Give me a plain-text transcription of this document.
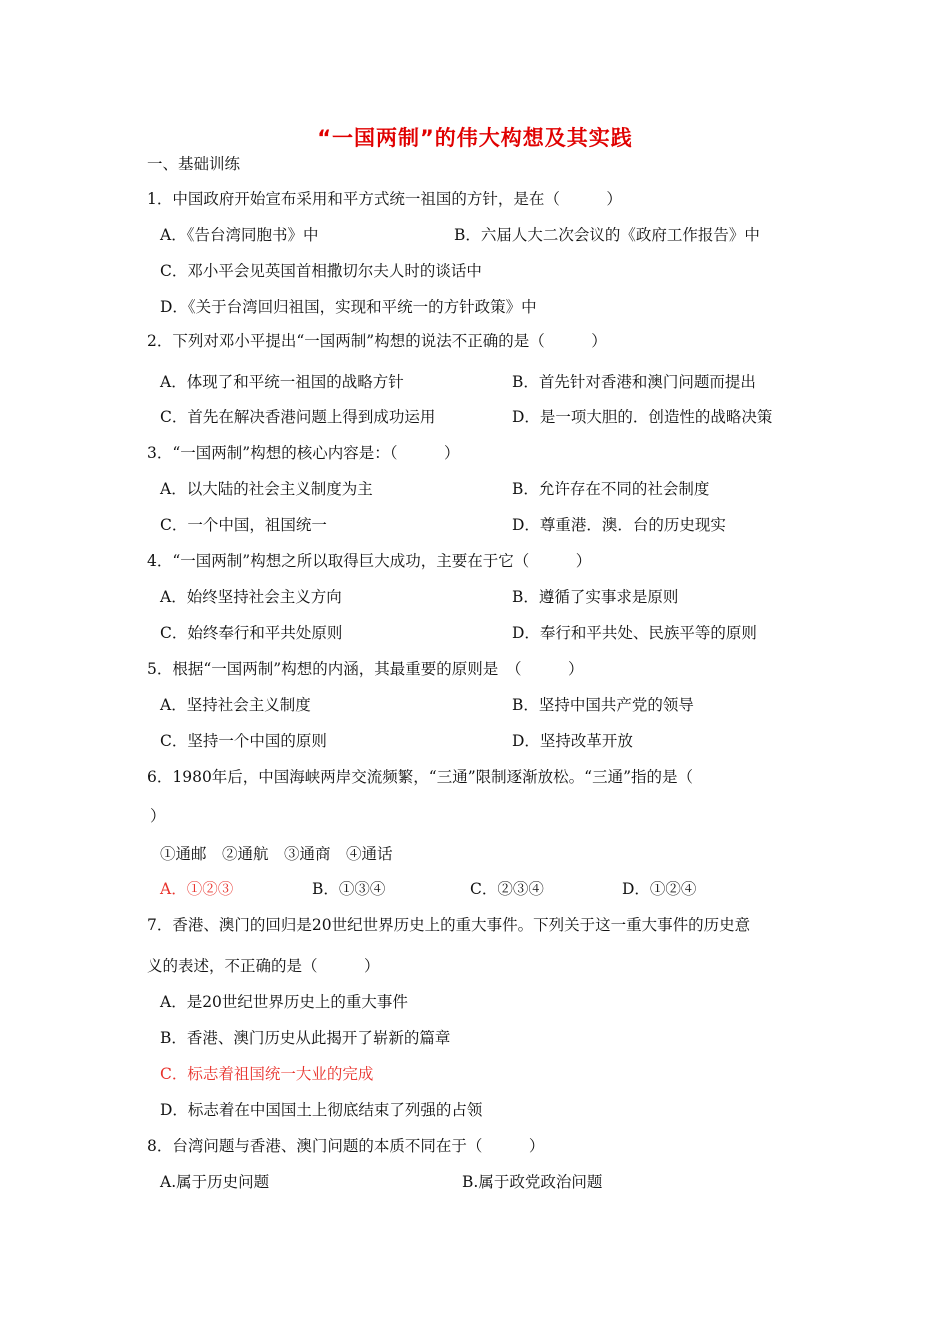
“一国两制”的伟大构想及其实践
一、基础训练
1．中国政府开始宣布采用和平方式统一祖国的方针，是在（　　　）
A．《告台湾同胞书》中	B．六届人大二次会议的《政府工作报告》中
C．邓小平会见英国首相撒切尔夫人时的谈话中
D．《关于台湾回归祖国，实现和平统一的方针政策》中
2．下列对邓小平提出“一国两制”构想的说法不正确的是（　　　）
A．体现了和平统一祖国的战略方针	B．首先针对香港和澳门问题而提出
C．首先在解决香港问题上得到成功运用	D．是一项大胆的．创造性的战略决策
3．“一国两制”构想的核心内容是：（　　　）
A．以大陆的社会主义制度为主	B．允许存在不同的社会制度
C．一个中国，祖国统一	D．尊重港．澳．台的历史现实
4．“一国两制”构想之所以取得巨大成功，主要在于它（　　　）
A．始终坚持社会主义方向	B．遵循了实事求是原则
C．始终奉行和平共处原则	D．奉行和平共处、民族平等的原则
5．根据“一国两制”构想的内涵，其最重要的原则是　（　　　）
A．坚持社会主义制度	B．坚持中国共产党的领导
C．坚持一个中国的原则	D．坚持改革开放
6．1980年后，中国海峡两岸交流频繁，“三通”限制逐渐放松。“三通”指的是（
）
①通邮　②通航　③通商　④通话
A．①②③	B．①③④	C．②③④	D．①②④
7．香港、澳门的回归是20世纪世界历史上的重大事件。下列关于这一重大事件的历史意
义的表述，不正确的是（　　　）
A．是20世纪世界历史上的重大事件
B．香港、澳门历史从此揭开了崭新的篇章
C．标志着祖国统一大业的完成
D．标志着在中国国土上彻底结束了列强的占领
8．台湾问题与香港、澳门问题的本质不同在于（　　　）
A.属于历史问题	B.属于政党政治问题
